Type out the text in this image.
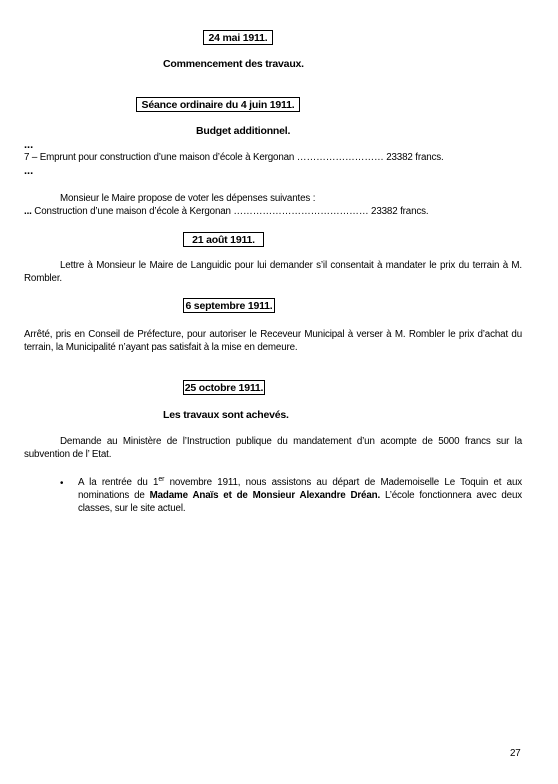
24 mai 1911.
Commencement des travaux.
Séance ordinaire du 4 juin 1911.
Budget additionnel.
...
7 – Emprunt pour construction d’une maison d’école à Kergonan ……………………… 23382 francs.
...
Monsieur le Maire propose de voter les dépenses suivantes :
... Construction d’une maison d’école à Kergonan …………………………………… 23382 francs.
21 août 1911.
Lettre à Monsieur le Maire de Languidic pour lui demander s’il consentait à mandater le prix du terrain à M. Rombler.
6 septembre 1911.
Arrêté, pris en Conseil de Préfecture, pour autoriser le Receveur Municipal à verser à M. Rombler le prix d’achat du terrain, la Municipalité n’ayant pas satisfait à la mise en demeure.
25 octobre 1911.
Les travaux sont achevés.
Demande au Ministère de l’Instruction publique du mandatement d’un acompte de 5000 francs sur la subvention de l’ Etat.
• A la rentrée du 1er novembre 1911, nous assistons au départ de Mademoiselle Le Toquin et aux nominations de Madame Anaïs et de Monsieur Alexandre Dréan. L’école fonctionnera avec deux classes, sur le site actuel.
27
